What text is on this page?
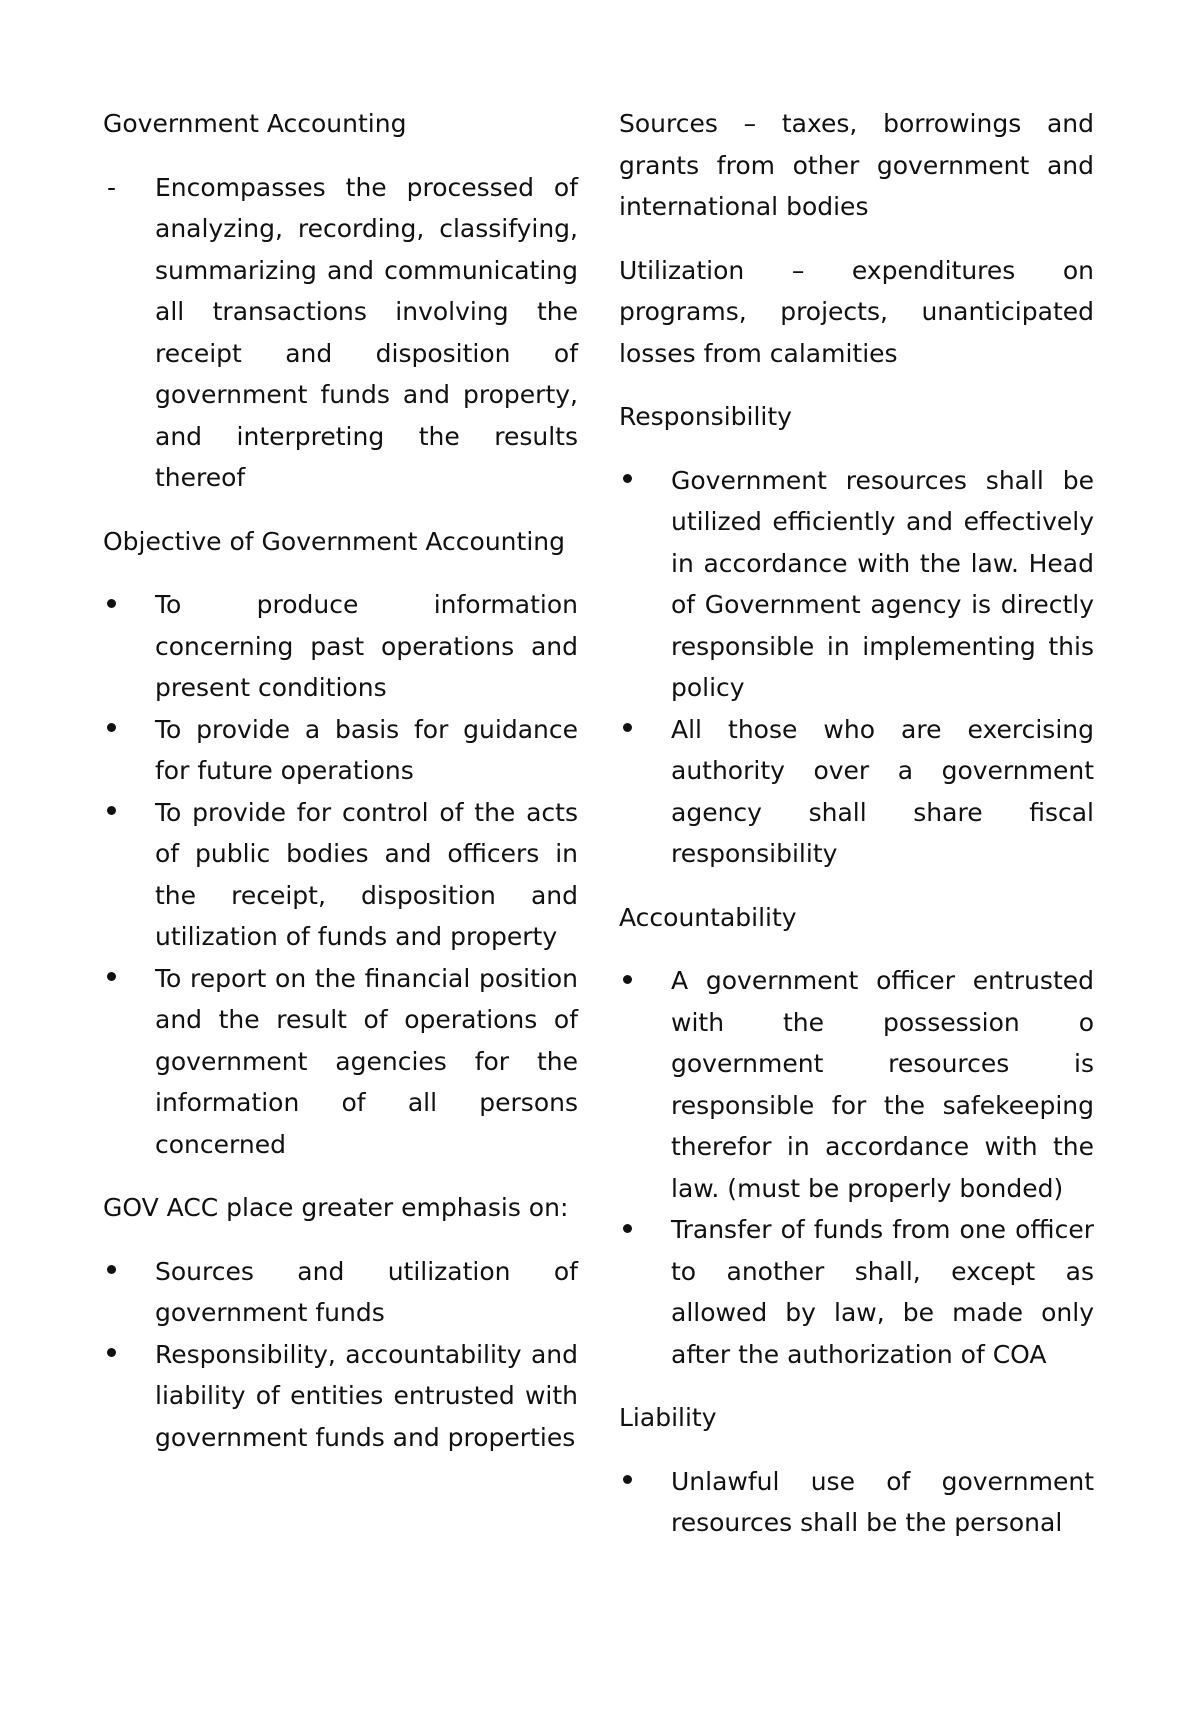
Government Accounting

-	Encompasses the processed of analyzing, recording, classifying, summarizing and communicating all transactions involving the receipt and disposition of government funds and property, and interpreting the results thereof

Objective of Government Accounting

To produce information concerning past operations and present conditions
To provide a basis for guidance for future operations
To provide for control of the acts of public bodies and officers in the receipt, disposition and utilization of funds and property
To report on the financial position and the result of operations of government agencies for the information of all persons concerned

GOV ACC place greater emphasis on:

Sources and utilization of government funds
Responsibility, accountability and liability of entities entrusted with government funds and properties

Sources – taxes, borrowings and grants from other government and international bodies

Utilization – expenditures on programs, projects, unanticipated losses from calamities

Responsibility

Government resources shall be utilized efficiently and effectively in accordance with the law. Head of Government agency is directly responsible in implementing this policy
All those who are exercising authority over a government agency shall share fiscal responsibility

Accountability

A government officer entrusted with the possession o government resources is responsible for the safekeeping therefor in accordance with the law. (must be properly bonded)
Transfer of funds from one officer to another shall, except as allowed by law, be made only after the authorization of COA

Liability

Unlawful use of government resources shall be the personal
